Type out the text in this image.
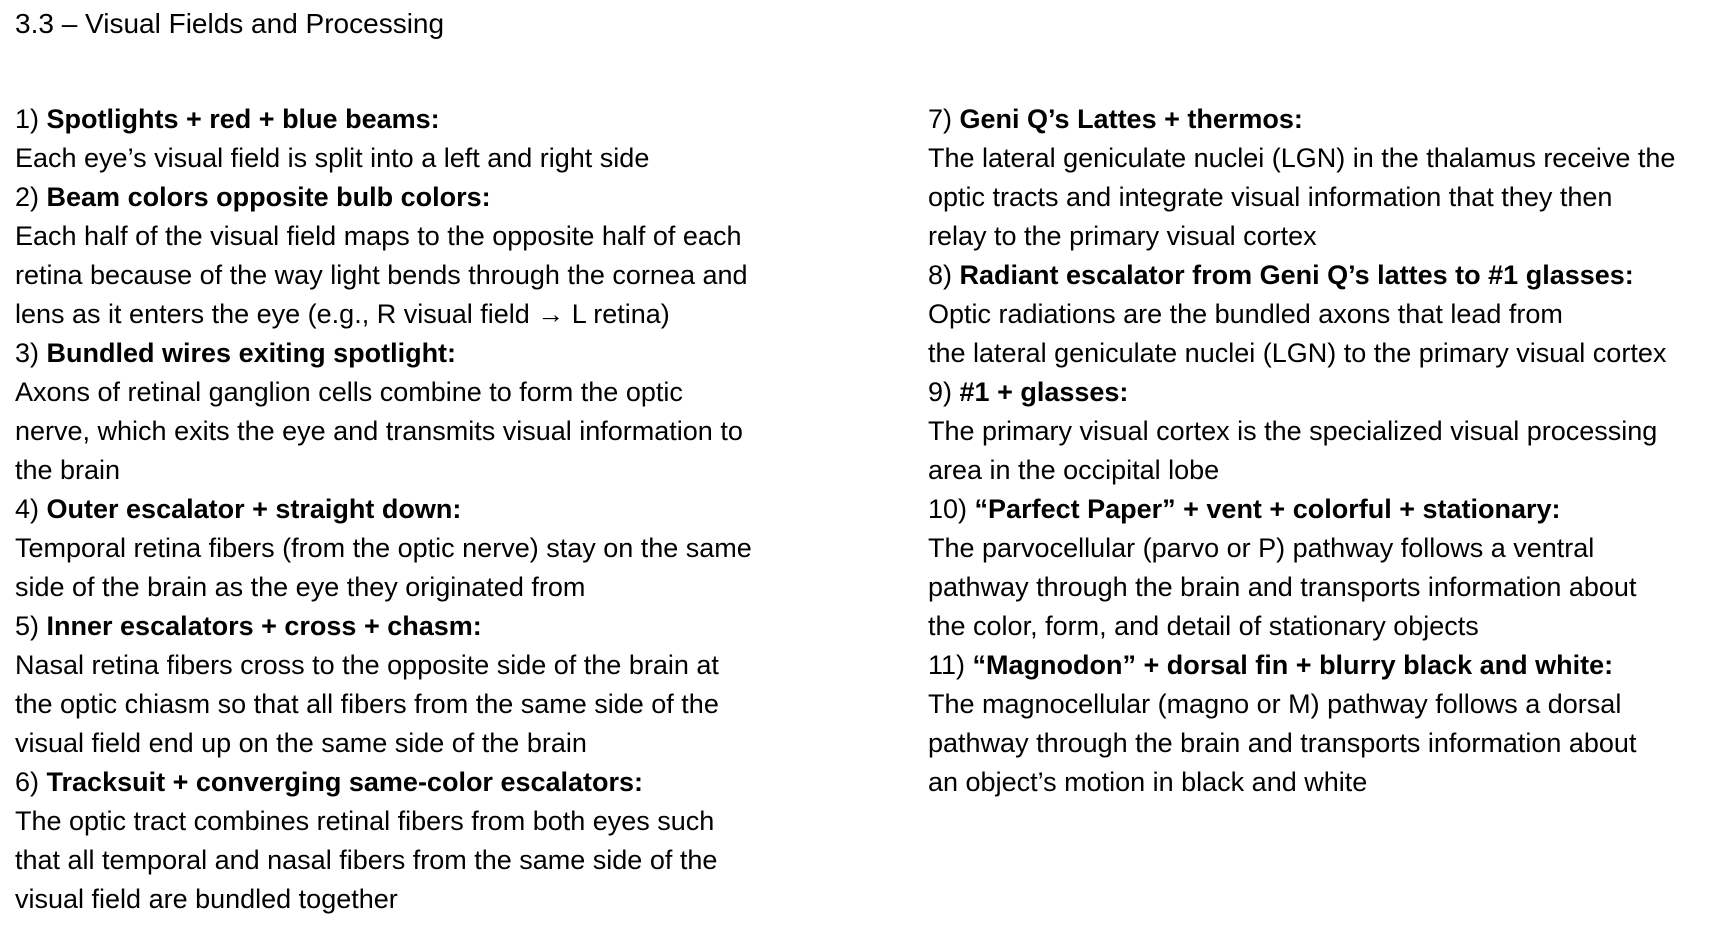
3.3 – Visual Fields and Processing

1) Spotlights + red + blue beams:

Each eye’s visual field is split into a left and right side

2) Beam colors opposite bulb colors:

Each half of the visual field maps to the opposite half of each
retina because of the way light bends through the cornea and
lens as it enters the eye (e.g., R visual field → L retina)

3) Bundled wires exiting spotlight:

Axons of retinal ganglion cells combine to form the optic
nerve, which exits the eye and transmits visual information to
the brain

4) Outer escalator + straight down:

Temporal retina fibers (from the optic nerve) stay on the same
side of the brain as the eye they originated from

5) Inner escalators + cross + chasm:

Nasal retina fibers cross to the opposite side of the brain at
the optic chiasm so that all fibers from the same side of the
visual field end up on the same side of the brain

6) Tracksuit + converging same-color escalators:

The optic tract combines retinal fibers from both eyes such
that all temporal and nasal fibers from the same side of the
visual field are bundled together

7) Geni Q’s Lattes + thermos:

The lateral geniculate nuclei (LGN) in the thalamus receive the
optic tracts and integrate visual information that they then
relay to the primary visual cortex

8) Radiant escalator from Geni Q’s lattes to #1 glasses:

Optic radiations are the bundled axons that lead from
the lateral geniculate nuclei (LGN) to the primary visual cortex

9) #1 + glasses:

The primary visual cortex is the specialized visual processing
area in the occipital lobe

10) “Parfect Paper” + vent + colorful + stationary:

The parvocellular (parvo or P) pathway follows a ventral
pathway through the brain and transports information about
the color, form, and detail of stationary objects

11) “Magnodon” + dorsal fin + blurry black and white:

The magnocellular (magno or M) pathway follows a dorsal
pathway through the brain and transports information about
an object’s motion in black and white
